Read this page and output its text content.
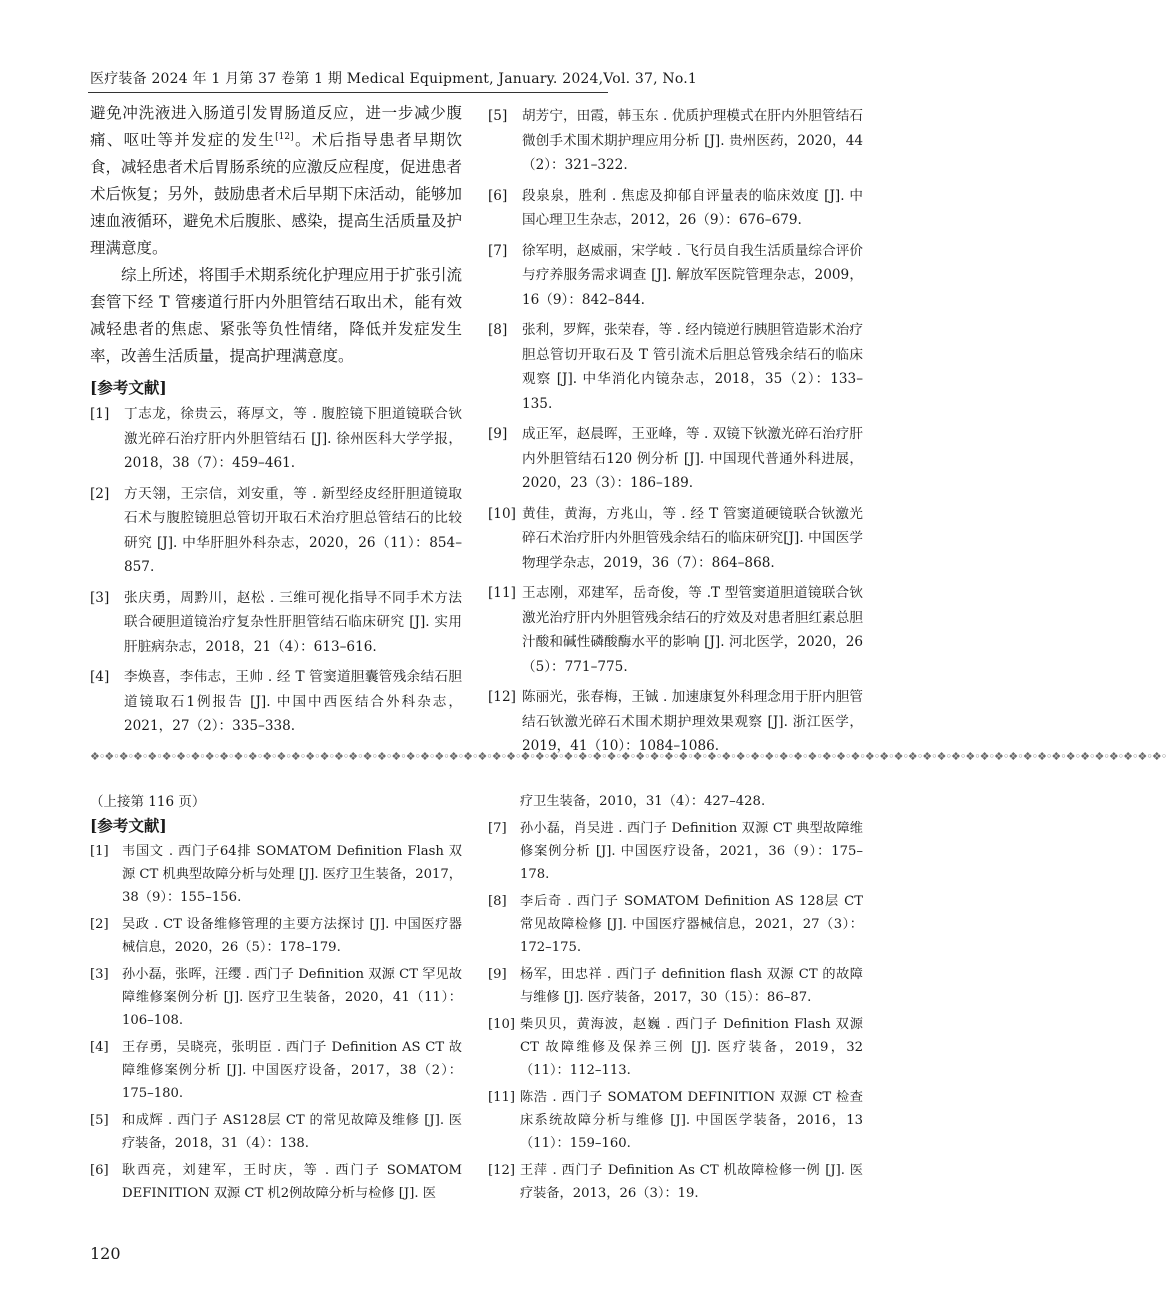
医疗装备 2024 年 1 月第 37 卷第 1 期 Medical Equipment, January. 2024,Vol. 37, No.1

避免冲洗液进入肠道引发胃肠道反应，进一步减少腹痛、呕吐等并发症的发生[12]。术后指导患者早期饮食，减轻患者术后胃肠系统的应激反应程度，促进患者术后恢复；另外，鼓励患者术后早期下床活动，能够加速血液循环，避免术后腹胀、感染，提高生活质量及护理满意度。

综上所述，将围手术期系统化护理应用于扩张引流套管下经 T 管瘘道行肝内外胆管结石取出术，能有效减轻患者的焦虑、紧张等负性情绪，降低并发症发生率，改善生活质量，提高护理满意度。

[参考文献]
[1]	丁志龙，徐贵云，蒋厚文，等 . 腹腔镜下胆道镜联合钬激光碎石治疗肝内外胆管结石 [J]. 徐州医科大学学报，2018，38（7）：459–461.
[2]	方天翎，王宗信，刘安重，等 . 新型经皮经肝胆道镜取石术与腹腔镜胆总管切开取石术治疗胆总管结石的比较研究 [J]. 中华肝胆外科杂志，2020，26（11）：854–857.
[3]	张庆勇，周黔川，赵松 . 三维可视化指导不同手术方法联合硬胆道镜治疗复杂性肝胆管结石临床研究 [J]. 实用肝脏病杂志，2018，21（4）：613–616.
[4]	李焕喜，李伟志，王帅 . 经 T 管窦道胆囊管残余结石胆道镜取石1例报告 [J]. 中国中西医结合外科杂志，2021，27（2）：335–338.
[5]	胡芳宁，田霞，韩玉东 . 优质护理模式在肝内外胆管结石微创手术围术期护理应用分析 [J]. 贵州医药，2020，44（2）：321–322.
[6]	段泉泉，胜利 . 焦虑及抑郁自评量表的临床效度 [J]. 中国心理卫生杂志，2012，26（9）：676–679.
[7]	徐军明，赵威丽，宋学岐 . 飞行员自我生活质量综合评价与疗养服务需求调查 [J]. 解放军医院管理杂志，2009，16（9）：842–844.
[8]	张利，罗辉，张荣春，等 . 经内镜逆行胰胆管造影术治疗胆总管切开取石及 T 管引流术后胆总管残余结石的临床观察 [J]. 中华消化内镜杂志，2018，35（2）：133–135.
[9]	成正军，赵晨晖，王亚峰，等 . 双镜下钬激光碎石治疗肝内外胆管结石120 例分析 [J]. 中国现代普通外科进展，2020，23（3）：186–189.
[10] 黄佳，黄海，方兆山，等 . 经 T 管窦道硬镜联合钬激光碎石术治疗肝内外胆管残余结石的临床研究[J]. 中国医学物理学杂志，2019，36（7）：864–868.
[11] 王志刚，邓建军，岳奇俊，等 .T 型管窦道胆道镜联合钬激光治疗肝内外胆管残余结石的疗效及对患者胆红素总胆汁酸和碱性磷酸酶水平的影响 [J]. 河北医学，2020，26（5）：771–775.
[12] 陈丽光，张春梅，王铖 . 加速康复外科理念用于肝内胆管结石钬激光碎石术围术期护理效果观察 [J]. 浙江医学，2019，41（10）：1084–1086.
❖◦❖◦❖◦❖◦❖◦❖◦❖◦❖◦❖◦❖◦❖◦❖◦❖◦❖◦❖◦❖◦❖◦❖◦❖◦❖◦❖◦❖◦❖◦❖◦❖◦❖◦❖◦❖◦❖◦❖◦❖◦❖◦❖◦❖◦❖◦❖◦❖◦❖◦❖◦❖◦❖◦❖◦❖◦❖◦❖◦❖◦❖◦❖◦❖◦❖◦❖◦❖◦❖◦❖◦❖◦❖◦❖◦❖◦❖◦❖◦❖◦❖◦❖◦❖◦❖◦❖◦❖◦❖◦❖◦❖◦❖◦❖◦❖◦❖◦❖◦
（上接第 116 页）
[参考文献]
[1]	韦国文 . 西门子64排 SOMATOM Definition Flash 双源 CT 机典型故障分析与处理 [J]. 医疗卫生装备，2017，38（9）：155–156.
[2]	吴政 . CT 设备维修管理的主要方法探讨 [J]. 中国医疗器械信息，2020，26（5）：178–179.
[3]	孙小磊，张晖，汪缨 . 西门子 Definition 双源 CT 罕见故障维修案例分析 [J]. 医疗卫生装备，2020，41（11）：106–108.
[4]	王存勇，吴晓亮，张明臣 . 西门子 Definition AS CT 故障维修案例分析 [J]. 中国医疗设备，2017，38（2）：175–180.
[5]	和成辉 . 西门子 AS128层 CT 的常见故障及维修 [J]. 医疗装备，2018，31（4）：138.
[6]	耿西亮，刘建军，王时庆，等 . 西门子 SOMATOM DEFINITION 双源 CT 机2例故障分析与检修 [J]. 医
疗卫生装备，2010，31（4）：427–428.
[7]	孙小磊，肖吴进 . 西门子 Definition 双源 CT 典型故障维修案例分析 [J]. 中国医疗设备，2021，36（9）：175–178.
[8]	李后奇 . 西门子 SOMATOM Definition AS 128层 CT 常见故障检修 [J]. 中国医疗器械信息，2021，27（3）：172–175.
[9]	杨军，田忠祥 . 西门子 definition flash 双源 CT 的故障与维修 [J]. 医疗装备，2017，30（15）：86–87.
[10] 柴贝贝，黄海波，赵巍 . 西门子 Definition Flash 双源 CT 故障维修及保养三例 [J]. 医疗装备，2019，32（11）：112–113.
[11] 陈浩 . 西门子 SOMATOM DEFINITION 双源 CT 检查床系统故障分析与维修 [J]. 中国医学装备，2016，13（11）：159–160.
[12] 王萍 . 西门子 Definition As CT 机故障检修一例 [J]. 医疗装备，2013，26（3）：19.
120
